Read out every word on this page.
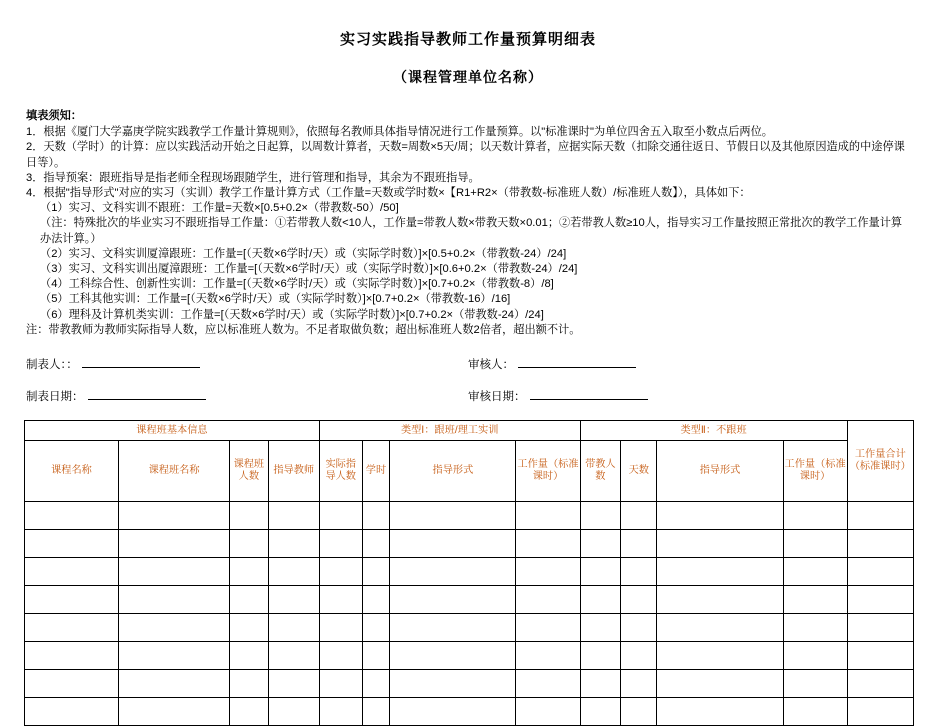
实习实践指导教师工作量预算明细表
（课程管理单位名称）
填表须知：

1．根据《厦门大学嘉庚学院实践教学工作量计算规则》，依照每名教师具体指导情况进行工作量预算。以"标准课时"为单位四舍五入取至小数点后两位。

2．天数（学时）的计算：应以实践活动开始之日起算，以周数计算者，天数=周数×5天/周；以天数计算者，应据实际天数（扣除交通往返日、节假日以及其他原因造成的中途停课日等）。

3．指导预案：跟班指导是指老师全程现场跟随学生，进行管理和指导，其余为不跟班指导。

4．根据"指导形式"对应的实习（实训）教学工作量计算方式（工作量=天数或学时数×【R1+R2×（带教数-标准班人数）/标准班人数】），具体如下：

（1）实习、文科实训不跟班：工作量=天数×[0.5+0.2×（带教数-50）/50]

（注：特殊批次的毕业实习不跟班指导工作量：①若带教人数<10人，工作量=带教人数×带教天数×0.01；②若带教人数≥10人，指导实习工作量按照正常批次的教学工作量计算办法计算。）

（2）实习、文科实训厦漳跟班：工作量=[（天数×6学时/天）或（实际学时数）]×[0.5+0.2×（带教数-24）/24]

（3）实习、文科实训出厦漳跟班：工作量=[（天数×6学时/天）或（实际学时数）]×[0.6+0.2×（带教数-24）/24]

（4）工科综合性、创新性实训：工作量=[（天数×6学时/天）或（实际学时数）]×[0.7+0.2×（带教数-8）/8]

（5）工科其他实训：工作量=[（天数×6学时/天）或（实际学时数）]×[0.7+0.2×（带教数-16）/16]

（6）理科及计算机类实训：工作量=[（天数×6学时/天）或（实际学时数）]×[0.7+0.2×（带教数-24）/24]

注：带教教师为教师实际指导人数，应以标准班人数为。不足者取做负数；超出标准班人数2倍者，超出额不计。

制表人：：	审核人：
制表日期：	审核日期：
课程班基本信息				类型Ⅰ：跟班/理工实训				类型Ⅱ：不跟班				工作量合计（标准课时）
课程名称	课程班名称	课程班人数	指导教师	实际指导人数	学时	指导形式	工作量（标准课时）	带教人数	天数	指导形式	工作量（标准课时）	
